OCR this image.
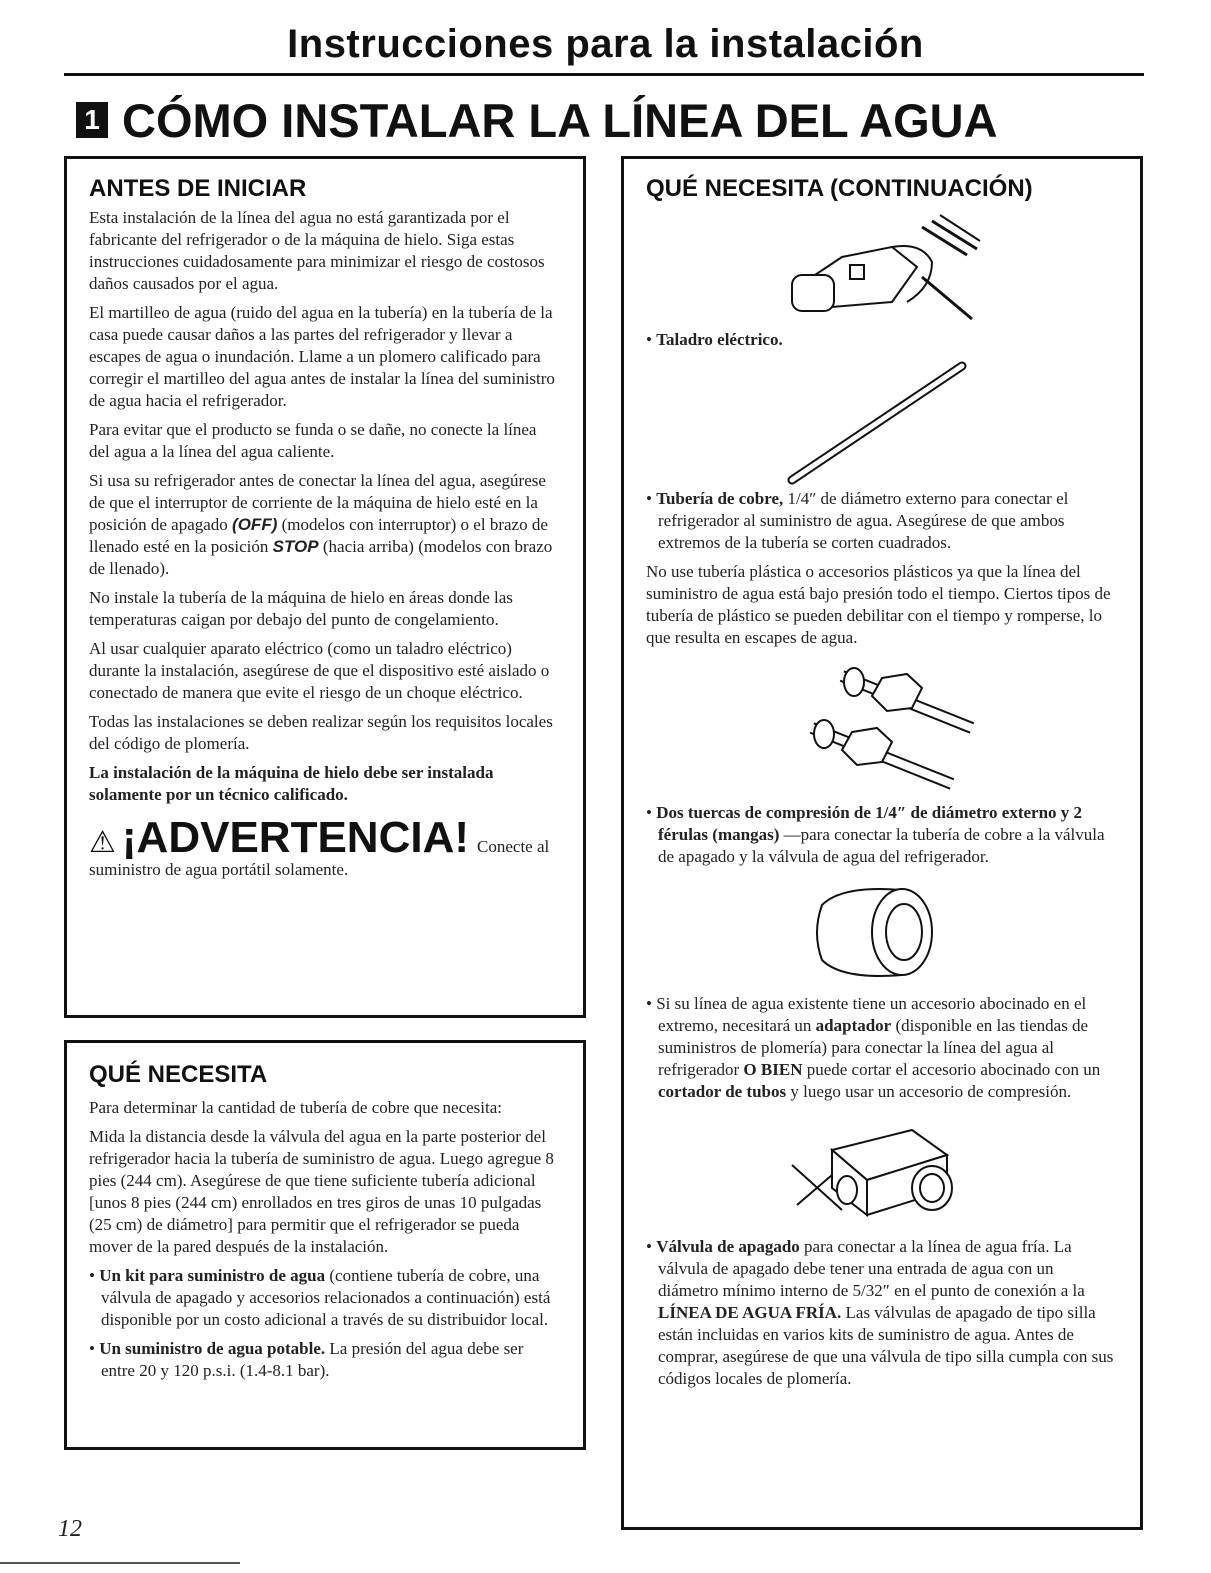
Instrucciones para la instalación
1 CÓMO INSTALAR LA LÍNEA DEL AGUA
ANTES DE INICIAR

Esta instalación de la línea del agua no está garantizada por el fabricante del refrigerador o de la máquina de hielo. Siga estas instrucciones cuidadosamente para minimizar el riesgo de costosos daños causados por el agua.

El martilleo de agua (ruido del agua en la tubería) en la tubería de la casa puede causar daños a las partes del refrigerador y llevar a escapes de agua o inundación. Llame a un plomero calificado para corregir el martilleo del agua antes de instalar la línea del suministro de agua hacia el refrigerador.

Para evitar que el producto se funda o se dañe, no conecte la línea del agua a la línea del agua caliente.

Si usa su refrigerador antes de conectar la línea del agua, asegúrese de que el interruptor de corriente de la máquina de hielo esté en la posición de apagado (OFF) (modelos con interruptor) o el brazo de llenado esté en la posición STOP (hacia arriba) (modelos con brazo de llenado).

No instale la tubería de la máquina de hielo en áreas donde las temperaturas caigan por debajo del punto de congelamiento.

Al usar cualquier aparato eléctrico (como un taladro eléctrico) durante la instalación, asegúrese de que el dispositivo esté aislado o conectado de manera que evite el riesgo de un choque eléctrico.

Todas las instalaciones se deben realizar según los requisitos locales del código de plomería.

La instalación de la máquina de hielo debe ser instalada solamente por un técnico calificado.

⚠ ¡ADVERTENCIA! Conecte al

suministro de agua portátil solamente.

QUÉ NECESITA

Para determinar la cantidad de tubería de cobre que necesita:

Mida la distancia desde la válvula del agua en la parte posterior del refrigerador hacia la tubería de suministro de agua. Luego agregue 8 pies (244 cm). Asegúrese de que tiene suficiente tubería adicional [unos 8 pies (244 cm) enrollados en tres giros de unas 10 pulgadas (25 cm) de diámetro] para permitir que el refrigerador se pueda mover de la pared después de la instalación.

• Un kit para suministro de agua (contiene tubería de cobre, una válvula de apagado y accesorios relacionados a continuación) está disponible por un costo adicional a través de su distribuidor local.

• Un suministro de agua potable. La presión del agua debe ser entre 20 y 120 p.s.i. (1.4-8.1 bar).

QUÉ NECESITA (CONTINUACIÓN)

• Taladro eléctrico.

• Tubería de cobre, 1/4″ de diámetro externo para conectar el refrigerador al suministro de agua. Asegúrese de que ambos extremos de la tubería se corten cuadrados.

No use tubería plástica o accesorios plásticos ya que la línea del suministro de agua está bajo presión todo el tiempo. Ciertos tipos de tubería de plástico se pueden debilitar con el tiempo y romperse, lo que resulta en escapes de agua.

• Dos tuercas de compresión de 1/4″ de diámetro externo y 2 férulas (mangas) —para conectar la tubería de cobre a la válvula de apagado y la válvula de agua del refrigerador.

• Si su línea de agua existente tiene un accesorio abocinado en el extremo, necesitará un adaptador (disponible en las tiendas de suministros de plomería) para conectar la línea del agua al refrigerador O BIEN puede cortar el accesorio abocinado con un cortador de tubos y luego usar un accesorio de compresión.

• Válvula de apagado para conectar a la línea de agua fría. La válvula de apagado debe tener una entrada de agua con un diámetro mínimo interno de 5/32″ en el punto de conexión a la LÍNEA DE AGUA FRÍA. Las válvulas de apagado de tipo silla están incluidas en varios kits de suministro de agua. Antes de comprar, asegúrese de que una válvula de tipo silla cumpla con sus códigos locales de plomería.

12
